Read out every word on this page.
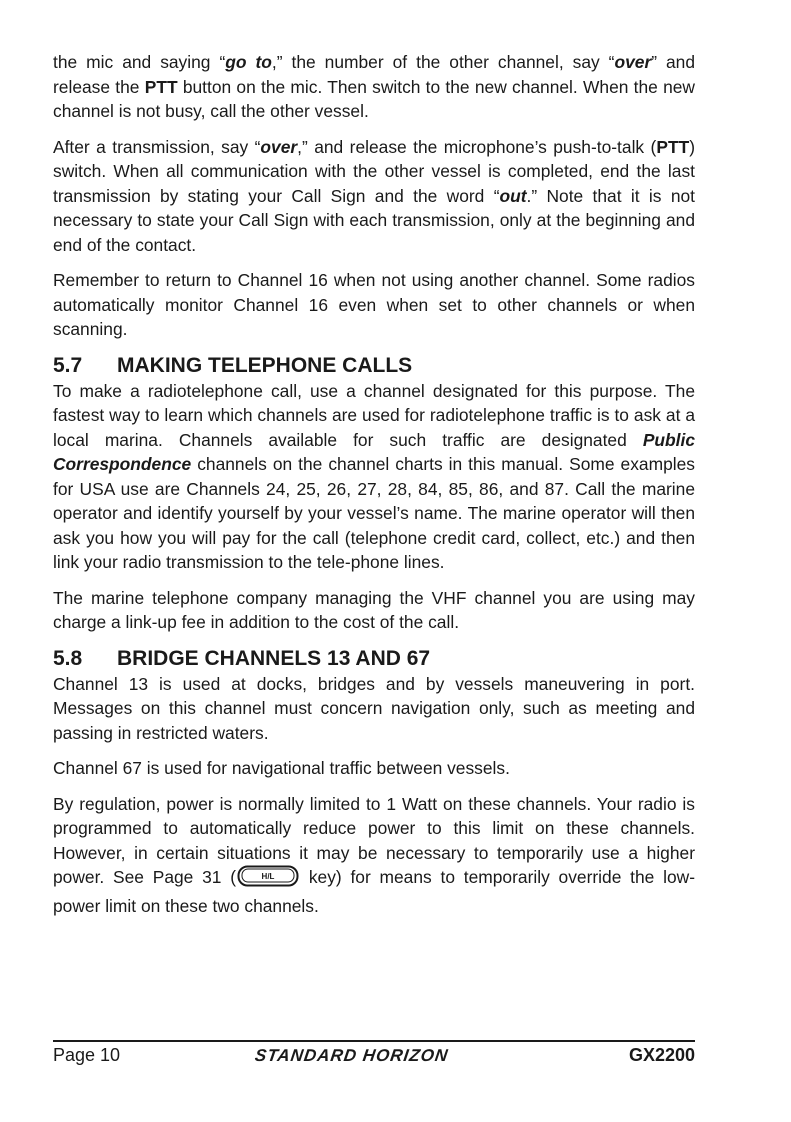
the mic and saying “go to,” the number of the other channel, say “over” and release the PTT button on the mic. Then switch to the new channel. When the new channel is not busy, call the other vessel.

After a transmission, say “over,” and release the microphone’s push-to-talk (PTT) switch. When all communication with the other vessel is completed, end the last transmission by stating your Call Sign and the word “out.” Note that it is not necessary to state your Call Sign with each transmission, only at the beginning and end of the contact.

Remember to return to Channel 16 when not using another channel. Some radios automatically monitor Channel 16 even when set to other channels or when scanning.

5.7 MAKING TELEPHONE CALLS

To make a radiotelephone call, use a channel designated for this purpose. The fastest way to learn which channels are used for radiotelephone traffic is to ask at a local marina. Channels available for such traffic are designated Public Correspondence channels on the channel charts in this manual. Some examples for USA use are Channels 24, 25, 26, 27, 28, 84, 85, 86, and 87. Call the marine operator and identify yourself by your vessel’s name. The marine operator will then ask you how you will pay for the call (telephone credit card, collect, etc.) and then link your radio transmission to the tele-phone lines.

The marine telephone company managing the VHF channel you are using may charge a link-up fee in addition to the cost of the call.

5.8 BRIDGE CHANNELS 13 AND 67

Channel 13 is used at docks, bridges and by vessels maneuvering in port. Messages on this channel must concern navigation only, such as meeting and passing in restricted waters.

Channel 67 is used for navigational traffic between vessels.

By regulation, power is normally limited to 1 Watt on these channels. Your radio is programmed to automatically reduce power to this limit on these channels. However, in certain situations it may be necessary to temporarily use a higher power. See Page 31 (	H/L key) for means to temporarily override the low-power limit on these two channels.

Page 10	STANDARD HORIZON	GX2200
